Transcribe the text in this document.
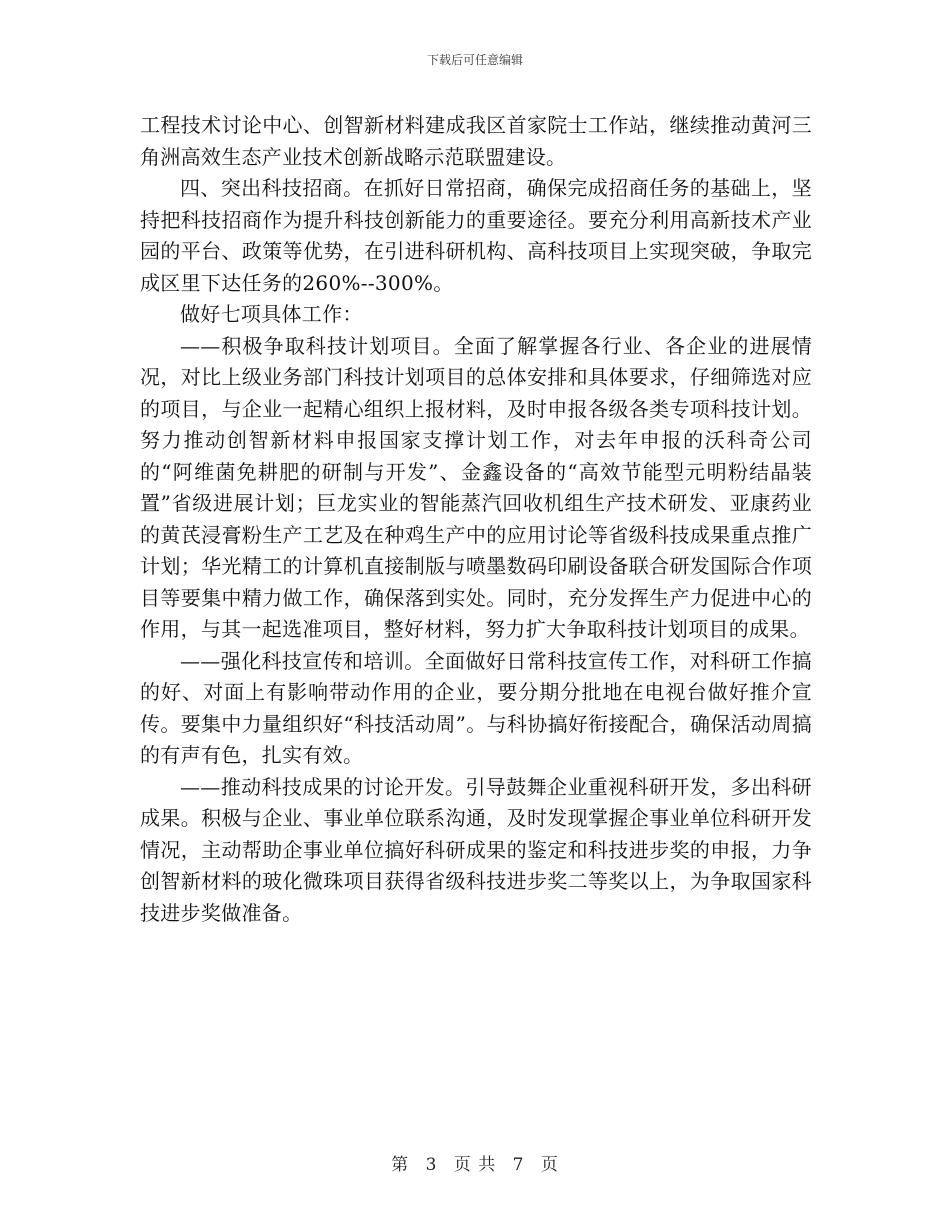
下载后可任意编辑

工程技术讨论中心、创智新材料建成我区首家院士工作站，继续推动黄河三角洲高效生态产业技术创新战略示范联盟建设。

四、突出科技招商。在抓好日常招商，确保完成招商任务的基础上，坚持把科技招商作为提升科技创新能力的重要途径。要充分利用高新技术产业园的平台、政策等优势，在引进科研机构、高科技项目上实现突破，争取完成区里下达任务的260%--300%。

做好七项具体工作：

——积极争取科技计划项目。全面了解掌握各行业、各企业的进展情况，对比上级业务部门科技计划项目的总体安排和具体要求，仔细筛选对应的项目，与企业一起精心组织上报材料，及时申报各级各类专项科技计划。努力推动创智新材料申报国家支撑计划工作，对去年申报的沃科奇公司的“阿维菌免耕肥的研制与开发”、金鑫设备的“高效节能型元明粉结晶装置”省级进展计划；巨龙实业的智能蒸汽回收机组生产技术研发、亚康药业的黄芪浸膏粉生产工艺及在种鸡生产中的应用讨论等省级科技成果重点推广计划；华光精工的计算机直接制版与喷墨数码印刷设备联合研发国际合作项目等要集中精力做工作，确保落到实处。同时，充分发挥生产力促进中心的作用，与其一起选准项目，整好材料，努力扩大争取科技计划项目的成果。

——强化科技宣传和培训。全面做好日常科技宣传工作，对科研工作搞的好、对面上有影响带动作用的企业，要分期分批地在电视台做好推介宣传。要集中力量组织好“科技活动周”。与科协搞好衔接配合，确保活动周搞的有声有色，扎实有效。

——推动科技成果的讨论开发。引导鼓舞企业重视科研开发，多出科研成果。积极与企业、事业单位联系沟通，及时发现掌握企事业单位科研开发情况，主动帮助企事业单位搞好科研成果的鉴定和科技进步奖的申报，力争创智新材料的玻化微珠项目获得省级科技进步奖二等奖以上，为争取国家科技进步奖做准备。

第 3 页 共 7 页
